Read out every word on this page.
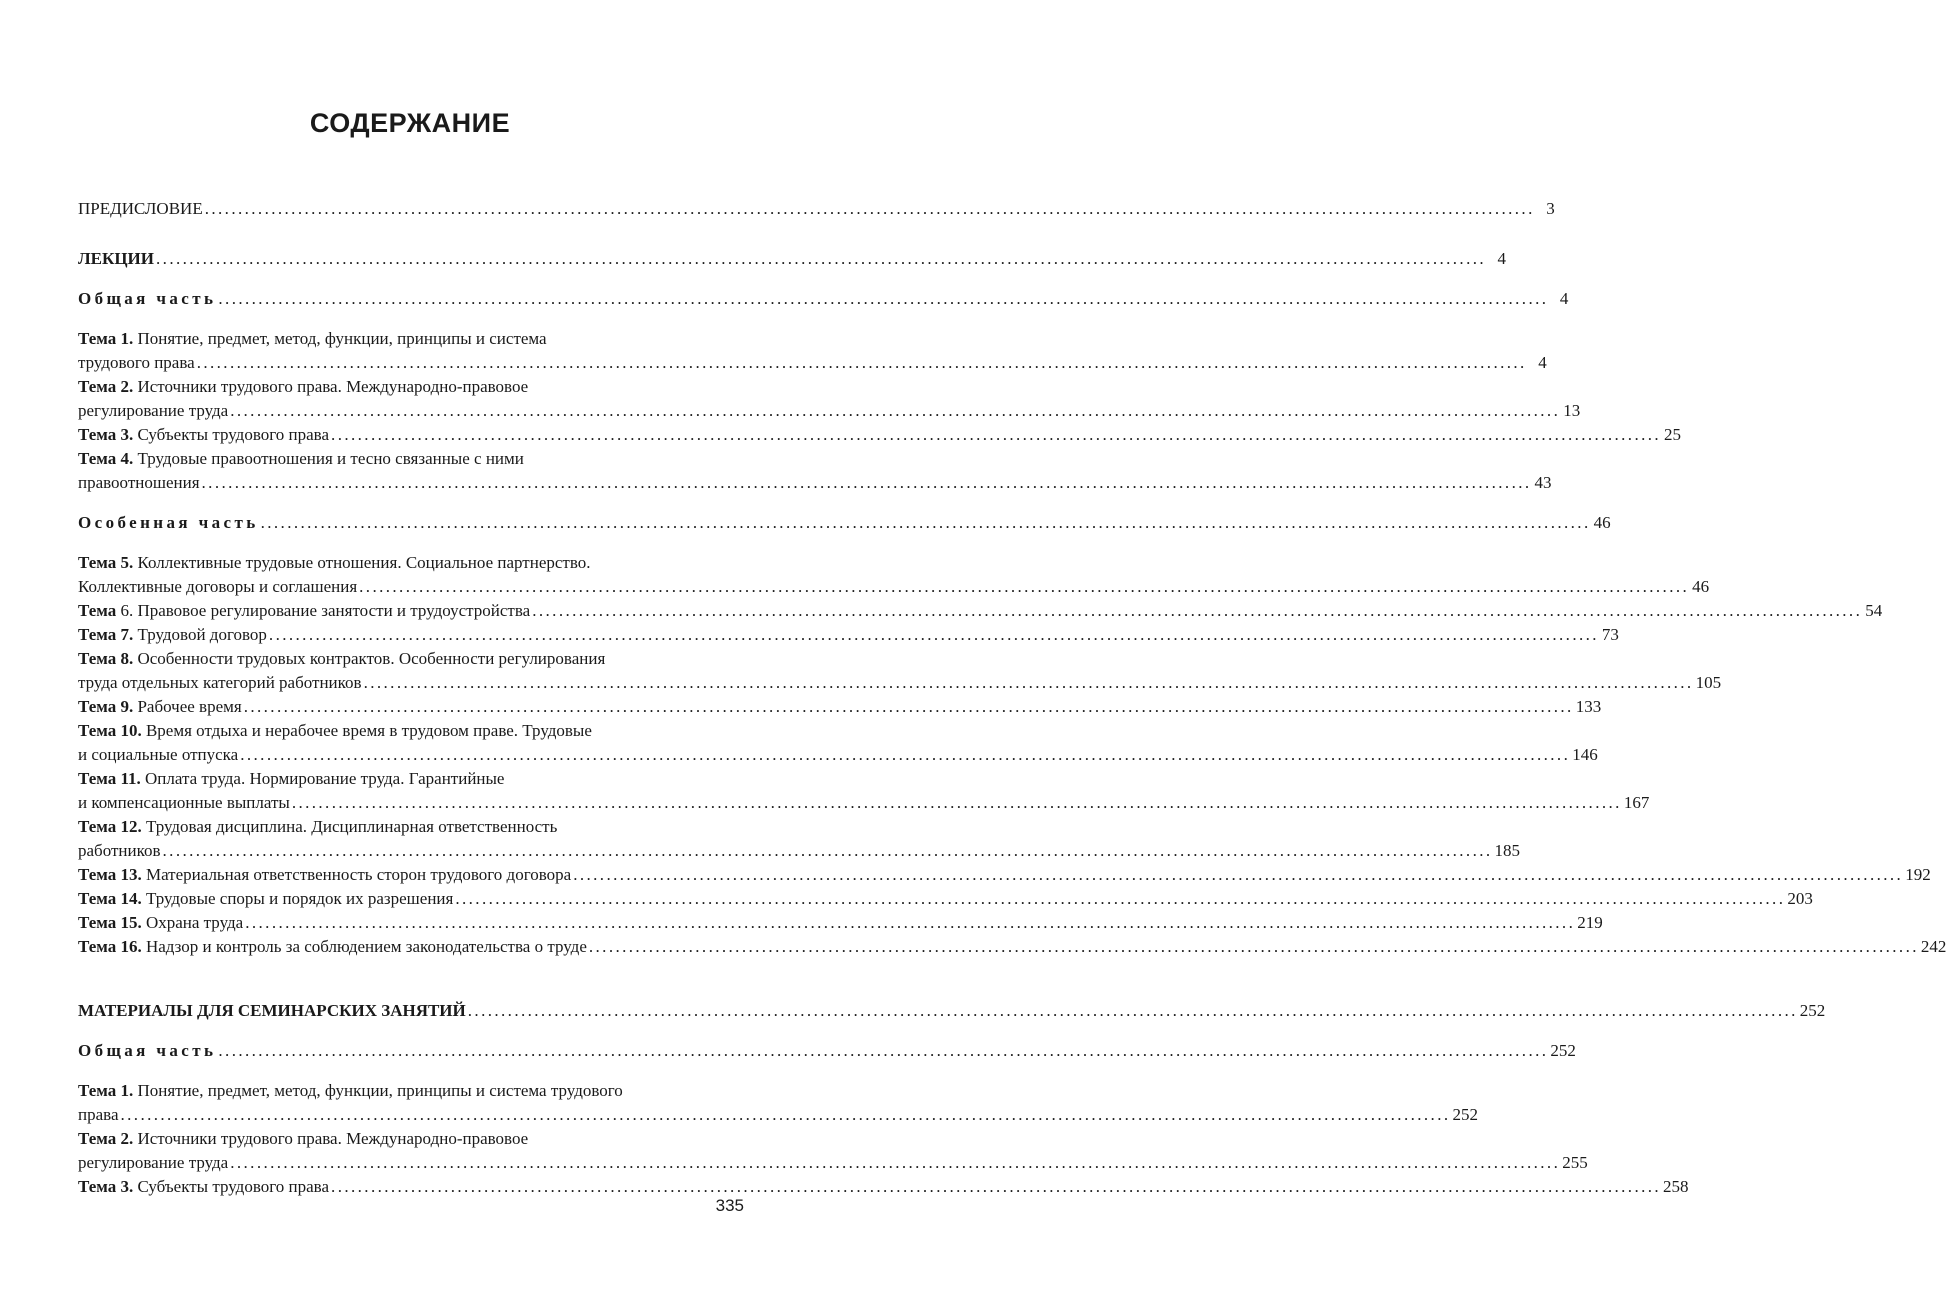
СОДЕРЖАНИЕ
ПРЕДИСЛОВИЕ ........................................................................................................................................................................................................ 3
ЛЕКЦИИ ........................................................................................................................................................................................................ 4
Общая часть ........................................................................................................................................................................................................ 4
Тема 1. Понятие, предмет, метод, функции, принципы и система
трудового права ........................................................................................................................................................................................................ 4
Тема 2. Источники трудового права. Международно-правовое
регулирование труда ........................................................................................................................................................................................................ 13
Тема 3. Субъекты трудового права ........................................................................................................................................................................................................ 25
Тема 4. Трудовые правоотношения и тесно связанные с ними
правоотношения ........................................................................................................................................................................................................ 43
Особенная часть ........................................................................................................................................................................................................ 46
Тема 5. Коллективные трудовые отношения. Социальное партнерство.
Коллективные договоры и соглашения ........................................................................................................................................................................................................ 46
Тема 6. Правовое регулирование занятости и трудоустройства ........................................................................................................................................................................................................ 54
Тема 7. Трудовой договор ........................................................................................................................................................................................................ 73
Тема 8. Особенности трудовых контрактов. Особенности регулирования
труда отдельных категорий работников ........................................................................................................................................................................................................ 105
Тема 9. Рабочее время ........................................................................................................................................................................................................ 133
Тема 10. Время отдыха и нерабочее время в трудовом праве. Трудовые
и социальные отпуска ........................................................................................................................................................................................................ 146
Тема 11. Оплата труда. Нормирование труда. Гарантийные
и компенсационные выплаты ........................................................................................................................................................................................................ 167
Тема 12. Трудовая дисциплина. Дисциплинарная ответственность
работников ........................................................................................................................................................................................................ 185
Тема 13. Материальная ответственность сторон трудового договора ........................................................................................................................................................................................................ 192
Тема 14. Трудовые споры и порядок их разрешения ........................................................................................................................................................................................................ 203
Тема 15. Охрана труда ........................................................................................................................................................................................................ 219
Тема 16. Надзор и контроль за соблюдением законодательства о труде ........................................................................................................................................................................................................ 242
МАТЕРИАЛЫ ДЛЯ СЕМИНАРСКИХ ЗАНЯТИЙ ........................................................................................................................................................................................................ 252
Общая часть ........................................................................................................................................................................................................ 252
Тема 1. Понятие, предмет, метод, функции, принципы и система трудового
права ........................................................................................................................................................................................................ 252
Тема 2. Источники трудового права. Международно-правовое
регулирование труда ........................................................................................................................................................................................................ 255
Тема 3. Субъекты трудового права ........................................................................................................................................................................................................ 258
335
